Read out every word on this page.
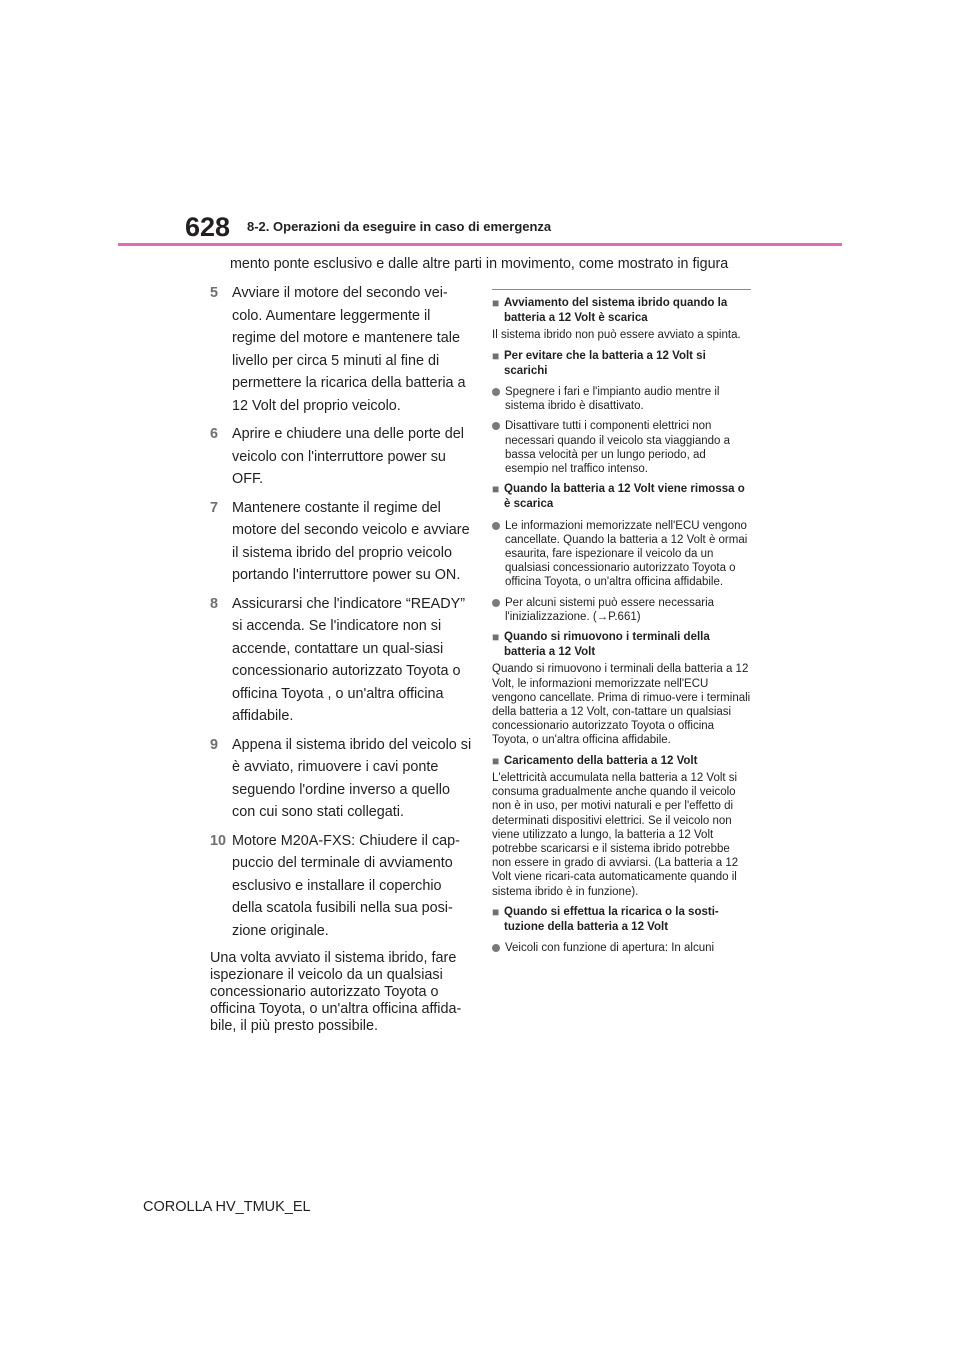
628 8-2. Operazioni da eseguire in caso di emergenza
mento ponte esclusivo e dalle altre parti in movimento, come mostrato in figura
5 Avviare il motore del secondo vei-colo. Aumentare leggermente il regime del motore e mantenere tale livello per circa 5 minuti al fine di permettere la ricarica della batteria a 12 Volt del proprio veicolo.
6 Aprire e chiudere una delle porte del veicolo con l'interruttore power su OFF.
7 Mantenere costante il regime del motore del secondo veicolo e avviare il sistema ibrido del proprio veicolo portando l'interruttore power su ON.
8 Assicurarsi che l'indicatore “READY” si accenda. Se l'indicatore non si accende, contattare un qual-siasi concessionario autorizzato Toyota o officina Toyota , o un'altra officina affidabile.
9 Appena il sistema ibrido del veicolo si è avviato, rimuovere i cavi ponte seguendo l'ordine inverso a quello con cui sono stati collegati.
10 Motore M20A-FXS: Chiudere il cap-puccio del terminale di avviamento esclusivo e installare il coperchio della scatola fusibili nella sua posi-zione originale.
Una volta avviato il sistema ibrido, fare ispezionare il veicolo da un qualsiasi concessionario autorizzato Toyota o officina Toyota, o un'altra officina affida-bile, il più presto possibile.
■ Avviamento del sistema ibrido quando la batteria a 12 Volt è scarica
Il sistema ibrido non può essere avviato a spinta.
■ Per evitare che la batteria a 12 Volt si scarichi
Spegnere i fari e l'impianto audio mentre il sistema ibrido è disattivato.
Disattivare tutti i componenti elettrici non necessari quando il veicolo sta viaggiando a bassa velocità per un lungo periodo, ad esempio nel traffico intenso.
■ Quando la batteria a 12 Volt viene rimossa o è scarica
Le informazioni memorizzate nell'ECU vengono cancellate. Quando la batteria a 12 Volt è ormai esaurita, fare ispezionare il veicolo da un qualsiasi concessionario autorizzato Toyota o officina Toyota, o un'altra officina affidabile.
Per alcuni sistemi può essere necessaria l'inizializzazione. (→P.661)
■ Quando si rimuovono i terminali della batteria a 12 Volt
Quando si rimuovono i terminali della batteria a 12 Volt, le informazioni memorizzate nell'ECU vengono cancellate. Prima di rimuo-vere i terminali della batteria a 12 Volt, con-tattare un qualsiasi concessionario autorizzato Toyota o officina Toyota, o un'altra officina affidabile.
■ Caricamento della batteria a 12 Volt
L'elettricità accumulata nella batteria a 12 Volt si consuma gradualmente anche quando il veicolo non è in uso, per motivi naturali e per l'effetto di determinati dispositivi elettrici. Se il veicolo non viene utilizzato a lungo, la batteria a 12 Volt potrebbe scaricarsi e il sistema ibrido potrebbe non essere in grado di avviarsi. (La batteria a 12 Volt viene ricari-cata automaticamente quando il sistema ibrido è in funzione).
■ Quando si effettua la ricarica o la sosti-tuzione della batteria a 12 Volt
Veicoli con funzione di apertura: In alcuni
COROLLA HV_TMUK_EL
